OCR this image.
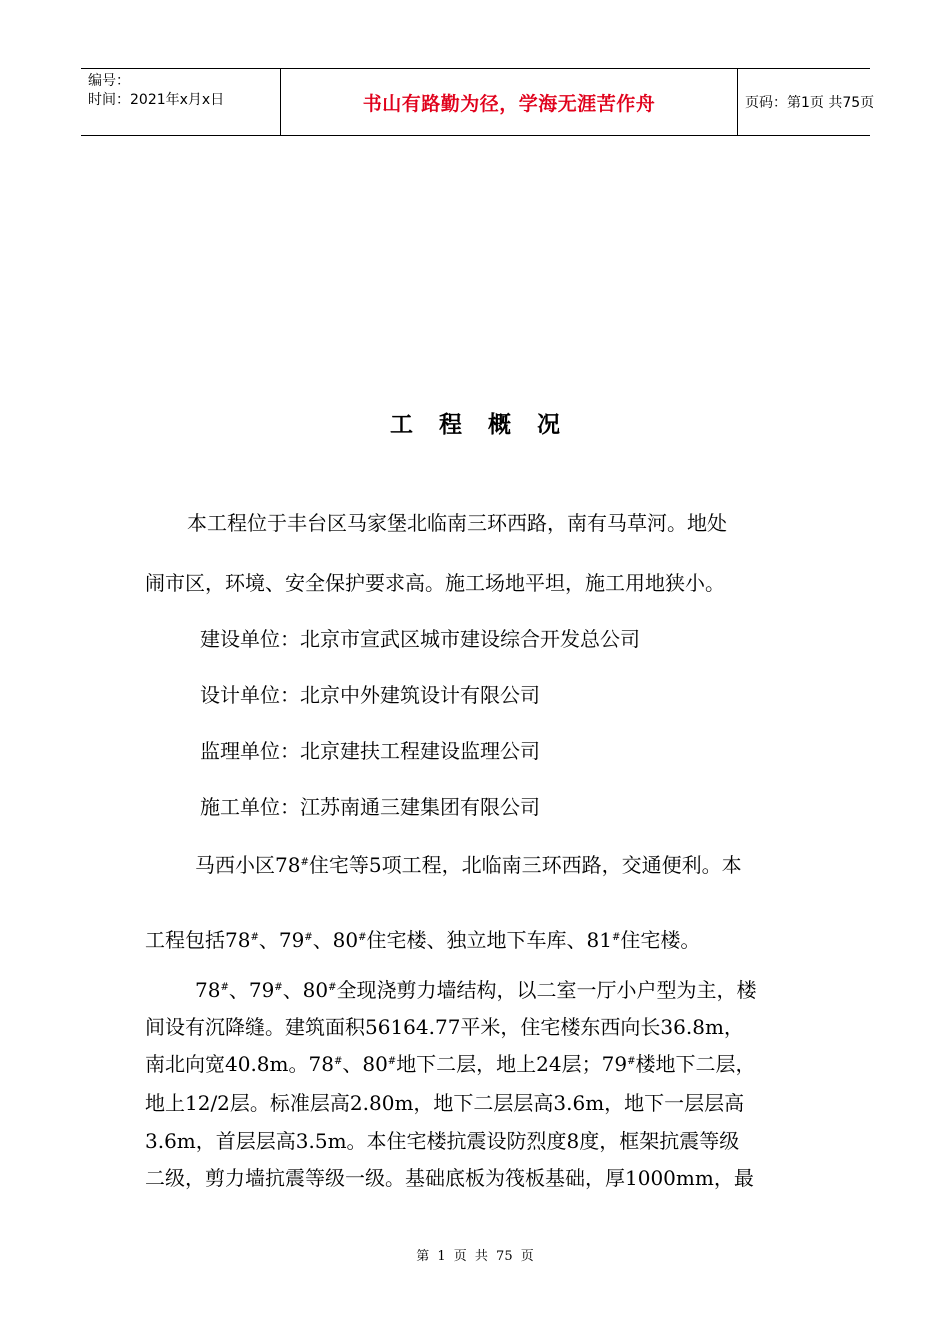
编号：
时间：2021年x月x日	书山有路勤为径，学海无涯苦作舟	页码：第1页 共75页
工程概况
本工程位于丰台区马家堡北临南三环西路，南有马草河。地处
闹市区，环境、安全保护要求高。施工场地平坦，施工用地狭小。
建设单位：北京市宣武区城市建设综合开发总公司
设计单位：北京中外建筑设计有限公司
监理单位：北京建扶工程建设监理公司
施工单位：江苏南通三建集团有限公司
马西小区78#住宅等5项工程，北临南三环西路，交通便利。本
工程包括78#、79#、80#住宅楼、独立地下车库、81#住宅楼。
78#、79#、80#全现浇剪力墙结构，以二室一厅小户型为主，楼
间设有沉降缝。建筑面积56164.77平米，住宅楼东西向长36.8m，
南北向宽40.8m。78#、80#地下二层，地上24层；79#楼地下二层，
地上12/2层。标准层高2.80m，地下二层层高3.6m，地下一层层高
3.6m，首层层高3.5m。本住宅楼抗震设防烈度8度，框架抗震等级
二级，剪力墙抗震等级一级。基础底板为筏板基础，厚1000mm，最
第 1 页 共 75 页
